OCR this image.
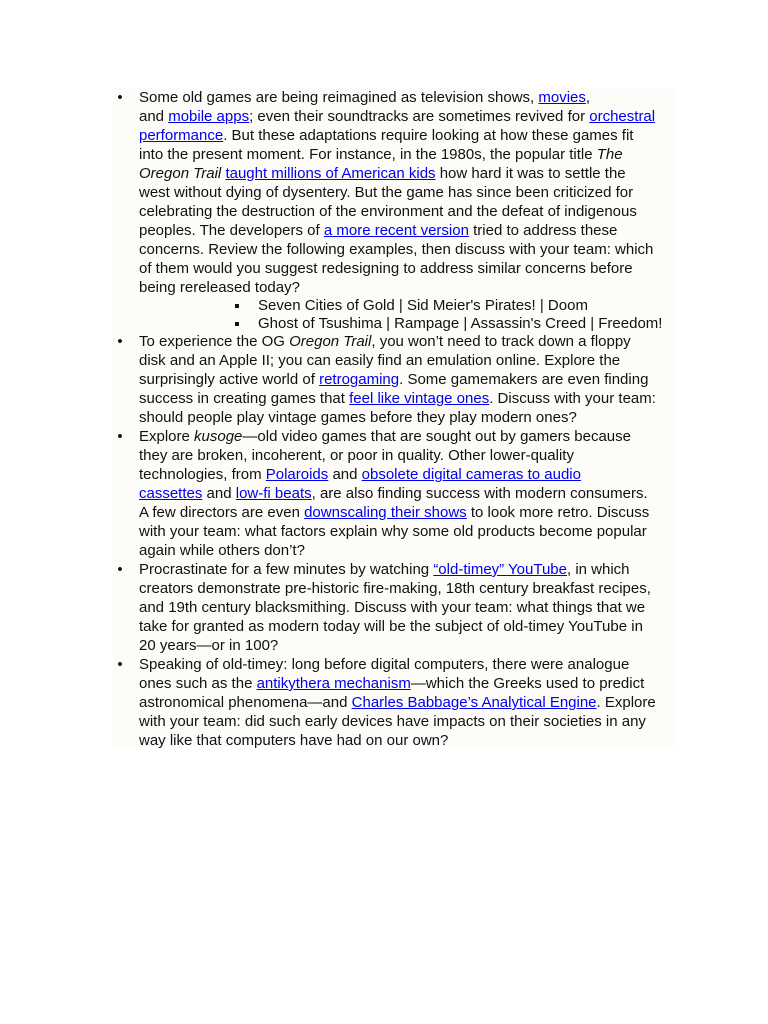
• Some old games are being reimagined as television shows, movies,
and mobile apps; even their soundtracks are sometimes revived for orchestral
performance. But these adaptations require looking at how these games fit
into the present moment. For instance, in the 1980s, the popular title The
Oregon Trail taught millions of American kids how hard it was to settle the
west without dying of dysentery. But the game has since been criticized for
celebrating the destruction of the environment and the defeat of indigenous
peoples. The developers of a more recent version tried to address these
concerns. Review the following examples, then discuss with your team: which
of them would you suggest redesigning to address similar concerns before
being rereleased today?
Seven Cities of Gold | Sid Meier's Pirates! | Doom
Ghost of Tsushima | Rampage | Assassin's Creed | Freedom!
• To experience the OG Oregon Trail, you won’t need to track down a floppy
disk and an Apple II; you can easily find an emulation online. Explore the
surprisingly active world of retrogaming. Some gamemakers are even finding
success in creating games that feel like vintage ones. Discuss with your team:
should people play vintage games before they play modern ones?
• Explore kusoge—old video games that are sought out by gamers because
they are broken, incoherent, or poor in quality. Other lower-quality
technologies, from Polaroids and obsolete digital cameras to audio
cassettes and low-fi beats, are also finding success with modern consumers.
A few directors are even downscaling their shows to look more retro. Discuss
with your team: what factors explain why some old products become popular
again while others don’t?
• Procrastinate for a few minutes by watching “old-timey” YouTube, in which
creators demonstrate pre-historic fire-making, 18th century breakfast recipes,
and 19th century blacksmithing. Discuss with your team: what things that we
take for granted as modern today will be the subject of old-timey YouTube in
20 years—or in 100?
• Speaking of old-timey: long before digital computers, there were analogue
ones such as the antikythera mechanism—which the Greeks used to predict
astronomical phenomena—and Charles Babbage’s Analytical Engine. Explore
with your team: did such early devices have impacts on their societies in any
way like that computers have had on our own?
